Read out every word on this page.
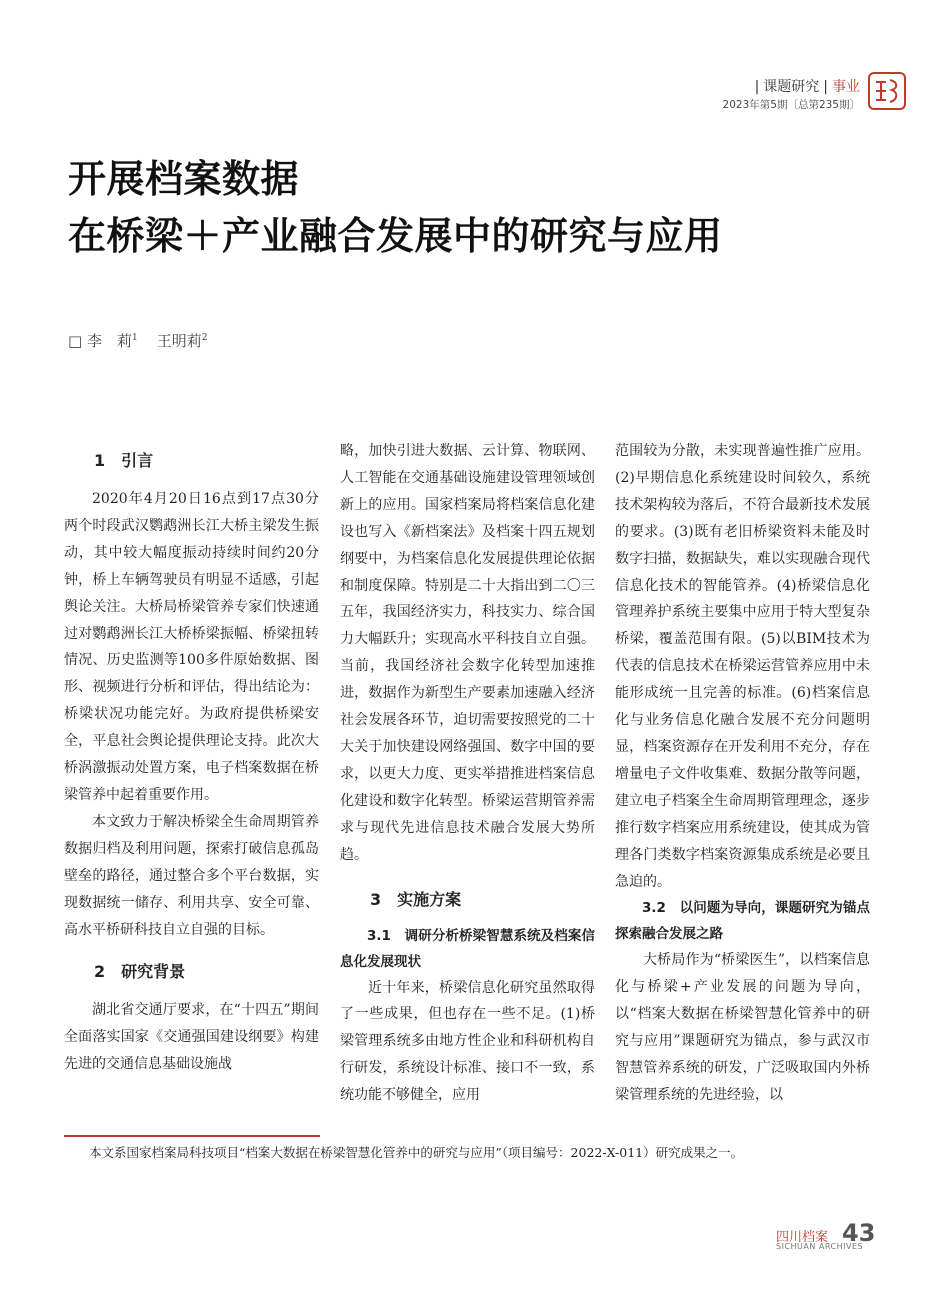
| 课题研究 | 事业
2023年第5期〔总第235期〕
开展档案数据
在桥梁＋产业融合发展中的研究与应用
□ 李　莉$^1$ 王明莉$^2$
1　引言

2020年4月20日16点到17点30分两个时段武汉鹦鹉洲长江大桥主梁发生振动，其中较大幅度振动持续时间约20分钟，桥上车辆驾驶员有明显不适感，引起舆论关注。大桥局桥梁管养专家们快速通过对鹦鹉洲长江大桥桥梁振幅、桥梁扭转情况、历史监测等100多件原始数据、图形、视频进行分析和评估，得出结论为：桥梁状况功能完好。为政府提供桥梁安全，平息社会舆论提供理论支持。此次大桥涡激振动处置方案，电子档案数据在桥梁管养中起着重要作用。

本文致力于解决桥梁全生命周期管养数据归档及利用问题，探索打破信息孤岛壁垒的路径，通过整合多个平台数据，实现数据统一储存、利用共享、安全可靠、高水平桥研科技自立自强的目标。

2　研究背景

湖北省交通厅要求，在“十四五”期间全面落实国家《交通强国建设纲要》构建先进的交通信息基础设施战

略，加快引进大数据、云计算、物联网、人工智能在交通基础设施建设管理领域创新上的应用。国家档案局将档案信息化建设也写入《新档案法》及档案十四五规划纲要中，为档案信息化发展提供理论依据和制度保障。特别是二十大指出到二〇三五年，我国经济实力，科技实力、综合国力大幅跃升；实现高水平科技自立自强。当前，我国经济社会数字化转型加速推进，数据作为新型生产要素加速融入经济社会发展各环节，迫切需要按照党的二十大关于加快建设网络强国、数字中国的要求，以更大力度、更实举措推进档案信息化建设和数字化转型。桥梁运营期管养需求与现代先进信息技术融合发展大势所趋。

3　实施方案
3.1　调研分析桥梁智慧系统及档案信息化发展现状

近十年来，桥梁信息化研究虽然取得了一些成果，但也存在一些不足。(1)桥梁管理系统多由地方性企业和科研机构自行研发，系统设计标准、接口不一致，系统功能不够健全，应用

范围较为分散，未实现普遍性推广应用。(2)早期信息化系统建设时间较久，系统技术架构较为落后，不符合最新技术发展的要求。(3)既有老旧桥梁资料未能及时数字扫描，数据缺失，难以实现融合现代信息化技术的智能管养。(4)桥梁信息化管理养护系统主要集中应用于特大型复杂桥梁，覆盖范围有限。(5)以BIM技术为代表的信息技术在桥梁运营管养应用中未能形成统一且完善的标准。(6)档案信息化与业务信息化融合发展不充分问题明显，档案资源存在开发利用不充分，存在增量电子文件收集难、数据分散等问题，建立电子档案全生命周期管理理念，逐步推行数字档案应用系统建设，使其成为管理各门类数字档案资源集成系统是必要且急迫的。

3.2　以问题为导向，课题研究为锚点探索融合发展之路

大桥局作为“桥梁医生”，以档案信息化与桥梁+产业发展的问题为导向，以“档案大数据在桥梁智慧化管养中的研究与应用”课题研究为锚点，参与武汉市智慧管养系统的研发，广泛吸取国内外桥梁管理系统的先进经验，以

本文系国家档案局科技项目“档案大数据在桥梁智慧化管养中的研究与应用”（项目编号：2022-X-011）研究成果之一。
四川档案 43
SICHUAN ARCHIVES
